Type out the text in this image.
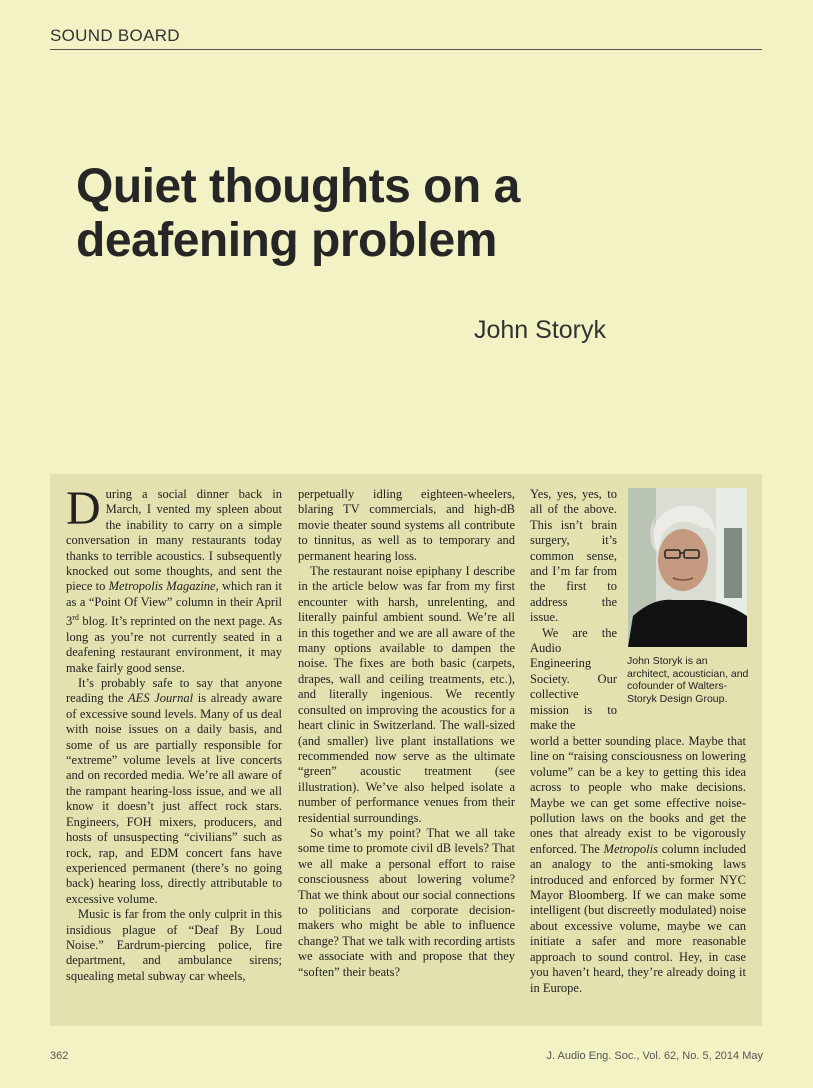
SOUND BOARD
Quiet thoughts on a deafening problem
John Storyk

During a social dinner back in March, I vented my spleen about the inability to carry on a simple conversation in many restaurants today thanks to terrible acoustics. I subsequently knocked out some thoughts, and sent the piece to Metropolis Magazine, which ran it as a “Point Of View” column in their April 3rd blog. It’s reprinted on the next page. As long as you’re not currently seated in a deafening restaurant environment, it may make fairly good sense.

It’s probably safe to say that anyone reading the AES Journal is already aware of excessive sound levels. Many of us deal with noise issues on a daily basis, and some of us are partially responsible for “extreme” volume levels at live concerts and on recorded media. We’re all aware of the rampant hearing-loss issue, and we all know it doesn’t just affect rock stars. Engineers, FOH mixers, producers, and hosts of unsuspecting “civilians” such as rock, rap, and EDM concert fans have experienced permanent (there’s no going back) hearing loss, directly attributable to excessive volume.

Music is far from the only culprit in this insidious plague of “Deaf By Loud Noise.” Eardrum-piercing police, fire department, and ambulance sirens; squealing metal subway car wheels,

perpetually idling eighteen-wheelers, blaring TV commercials, and high-dB movie theater sound systems all contribute to tinnitus, as well as to temporary and permanent hearing loss.

The restaurant noise epiphany I describe in the article below was far from my first encounter with harsh, unrelenting, and literally painful ambient sound. We’re all in this together and we are all aware of the many options available to dampen the noise. The fixes are both basic (carpets, drapes, wall and ceiling treatments, etc.), and literally ingenious. We recently consulted on improving the acoustics for a heart clinic in Switzerland. The wall-sized (and smaller) live plant installations we recommended now serve as the ultimate “green” acoustic treatment (see illustration). We’ve also helped isolate a number of performance venues from their residential surroundings.

So what’s my point? That we all take some time to promote civil dB levels? That we all make a personal effort to raise consciousness about lowering volume? That we think about our social connections to politicians and corporate decision-makers who might be able to influence change? That we talk with recording artists we associate with and propose that they “soften” their beats?

Yes, yes, yes, to all of the above. This isn’t brain surgery, it’s common sense, and I’m far from the first to address the issue.

We are the Audio Engineering Society. Our collective mission is to make the

world a better sounding place. Maybe that line on “raising consciousness on lowering volume” can be a key to getting this idea across to people who make decisions. Maybe we can get some effective noise-pollution laws on the books and get the ones that already exist to be vigorously enforced. The Metropolis column included an analogy to the anti-smoking laws introduced and enforced by former NYC Mayor Bloomberg. If we can make some intelligent (but discreetly modulated) noise about excessive volume, maybe we can initiate a safer and more reasonable approach to sound control. Hey, in case you haven’t heard, they’re already doing it in Europe.

John Storyk is an architect, acoustician, and cofounder of Walters-Storyk Design Group.
362	J. Audio Eng. Soc., Vol. 62, No. 5, 2014 May
